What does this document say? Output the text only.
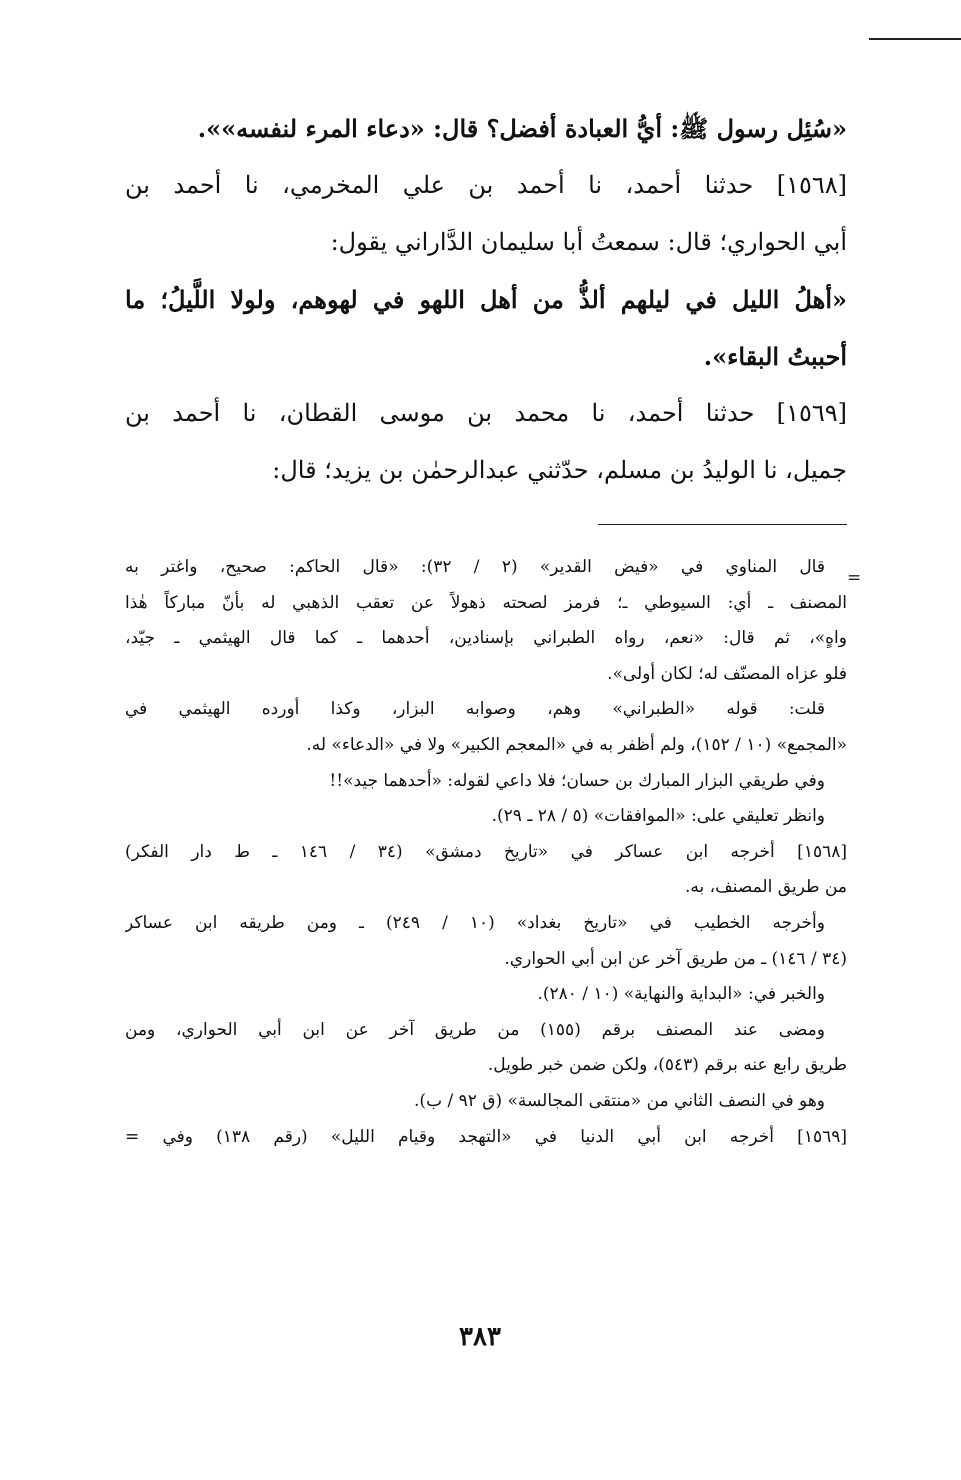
«سُئِل رسول ﷺ: أيُّ العبادة أفضل؟ قال: «دعاء المرء لنفسه»».
[١٥٦٨] حدثنا أحمد، نا أحمد بن علي المخرمي، نا أحمد بن
أبي الحواري؛ قال: سمعتُ أبا سليمان الدَّاراني يقول:
«أهلُ الليل في ليلهم ألذُّ من أهل اللهو في لهوهم، ولولا اللَّيلُ؛ ما
أحببتُ البقاء».
[١٥٦٩] حدثنا أحمد، نا محمد بن موسى القطان، نا أحمد بن
جميل، نا الوليدُ بن مسلم، حدّثني عبدالرحمٰن بن يزيد؛ قال:
=
قال المناوي في «فيض القدير» (٢ / ٣٢): «قال الحاكم: صحيح، واغتر به
المصنف ـ أي: السيوطي ـ؛ فرمز لصحته ذهولاً عن تعقب الذهبي له بأنّ مباركاً هٰذا
واهٍ»، ثم قال: «نعم، رواه الطبراني بإسنادين، أحدهما ـ كما قال الهيثمي ـ جيّد،
فلو عزاه المصنّف له؛ لكان أولى».
قلت: قوله «الطبراني» وهم، وصوابه البزار، وكذا أورده الهيثمي في
«المجمع» (١٠ / ١٥٢)، ولم أظفر به في «المعجم الكبير» ولا في «الدعاء» له.
وفي طريقي البزار المبارك بن حسان؛ فلا داعي لقوله: «أحدهما جيد»!!
وانظر تعليقي على: «الموافقات» (٥ / ٢٨ ـ ٢٩).
[١٥٦٨] أخرجه ابن عساكر في «تاريخ دمشق» (٣٤ / ١٤٦ ـ ط دار الفكر)
من طريق المصنف، به.
وأخرجه الخطيب في «تاريخ بغداد» (١٠ / ٢٤٩) ـ ومن طريقه ابن عساكر
(٣٤ / ١٤٦) ـ من طريق آخر عن ابن أبي الحواري.
والخبر في: «البداية والنهاية» (١٠ / ٢٨٠).
ومضى عند المصنف برقم (١٥٥) من طريق آخر عن ابن أبي الحواري، ومن
طريق رابع عنه برقم (٥٤٣)، ولكن ضمن خبر طويل.
وهو في النصف الثاني من «منتقى المجالسة» (ق ٩٢ / ب).
[١٥٦٩] أخرجه ابن أبي الدنيا في «التهجد وقيام الليل» (رقم ١٣٨) وفي =
٣٨٣
